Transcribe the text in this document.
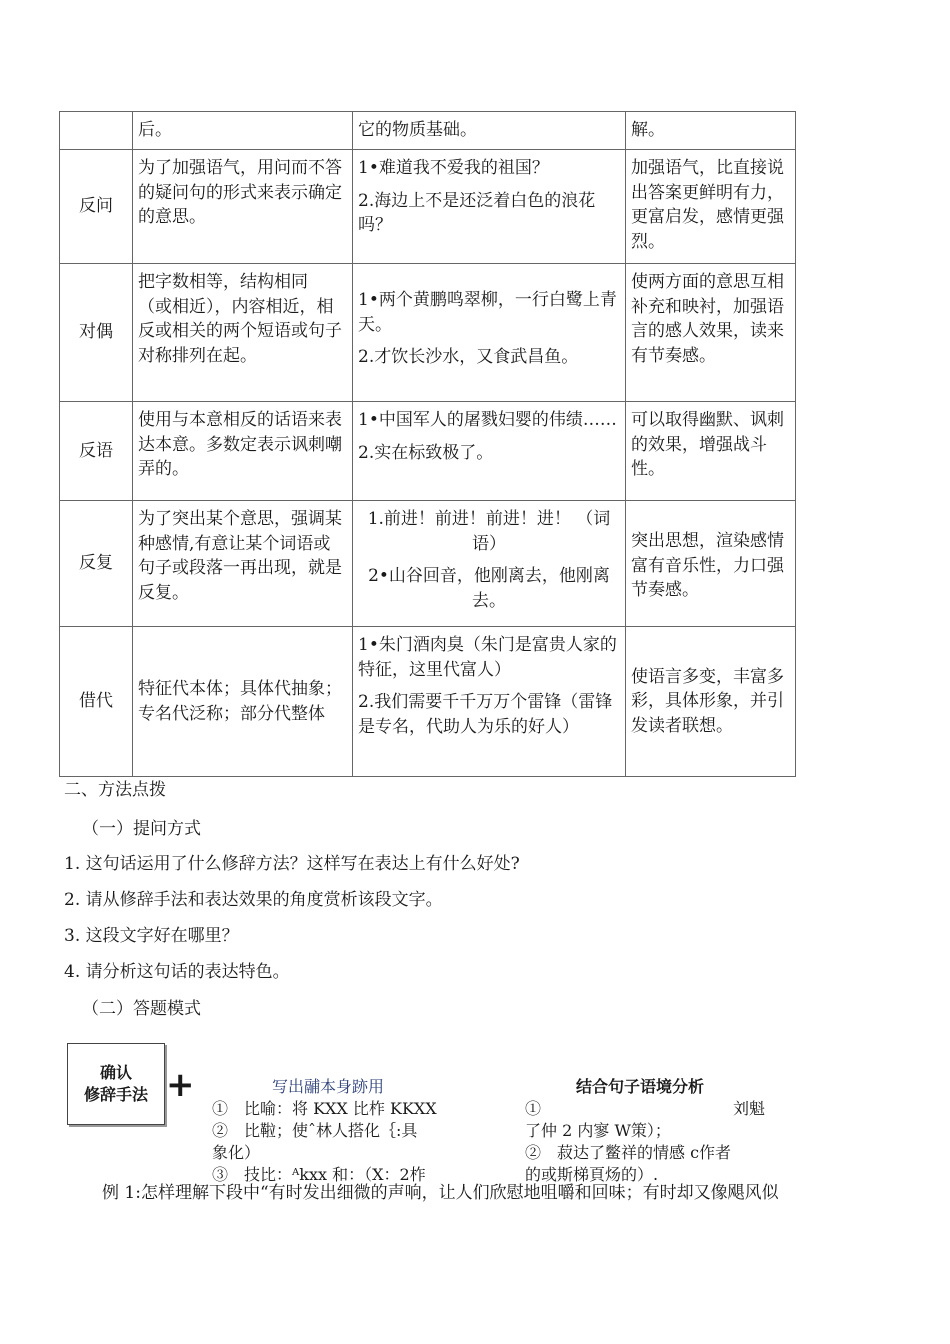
	后。	它的物质基础。	解。
反问	为了加强语气，用问而不答的疑问句的形式来表示确定的意思。	1•难道我不爱我的祖国？

2.海边上不是还泛着白色的浪花吗？	加强语气，比直接说出答案更鲜明有力，更富启发，感情更强烈。
对偶	把字数相等，结构相同 （或相近），内容相近，相反或相关的两个短语或句子对称排列在起。	1•两个黄鹏鸣翠柳，一行白鹭上青天。

2.才饮长沙水，又食武昌鱼。	使两方面的意思互相补充和映衬，加强语言的感人效果，读来有节奏感。
反语	使用与本意相反的话语来表达本意。多数定表示讽刺嘲弄的。	1•中国军人的屠戮妇婴的伟绩……

2.实在标致极了。	可以取得幽默、讽刺的效果，增强战斗性。
反复	为了突出某个意思，强调某种感情,有意让某个词语或句子或段落一再出现，就是反复。	1.前进！前进！前进！进！ （词语）

2•山谷回音，他刚离去，他刚离去。	突出思想，渲染感情富有音乐性，力口强节奏感。
借代	特征代本体；具体代抽象；专名代泛称；部分代整体	1•朱门酒肉臭（朱门是富贵人家的特征，这里代富人）

2.我们需要千千万万个雷锋（雷锋是专名，代助人为乐的好人）	使语言多变，丰富多彩，具体形象，并引发读者联想。
二、方法点拨
（一）提问方式
1. 这句话运用了什么修辞方法？这样写在表达上有什么好处?
2. 请从修辞手法和表达效果的角度赏析该段文字。
3. 这段文字好在哪里？
4. 请分析这句话的表达特色。
（二）答题模式
确认
修辞手法 +	写出鬴本身跡用
①　比喻：将 KXX 比柞 KKXX
②　比鞡；使ˆ林人搭化｛:具
象化）
③　技比：ᴬkxx 和：（X：2柞
结合句子语境分析
①　　　　　　　　　　　　刘魁
了仲 2 内寥 W策）；
②　菽达了鳖祥的情感 c作者
的或斯梯頁炀的）.
例 1:怎样理解下段中“有时发出细微的声响，让人们欣慰地咀嚼和回味；有时却又像飓风似
